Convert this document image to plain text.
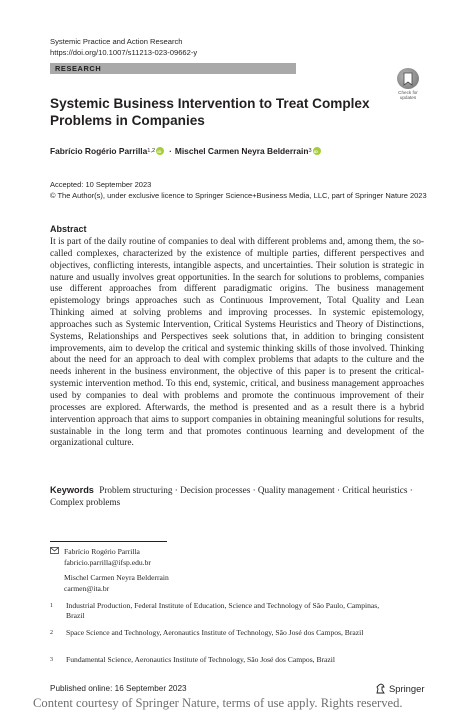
Systemic Practice and Action Research
https://doi.org/10.1007/s11213-023-09662-y
RESEARCH
Check for updates
Systemic Business Intervention to Treat Complex Problems in Companies
Fabrício Rogério Parrilla 1,2
iD · Mischel Carmen Neyra Belderrain 3
iD
Accepted: 10 September 2023
© The Author(s), under exclusive licence to Springer Science+Business Media, LLC, part of Springer Nature 2023
Abstract
It is part of the daily routine of companies to deal with different problems and, among them, the so-called complexes, characterized by the existence of multiple parties, different perspectives and objectives, conflicting interests, intangible aspects, and uncertainties. Their solution is strategic in nature and usually involves great opportunities. In the search for solutions to problems, companies use different approaches from different paradigmatic origins. The business management epistemology brings approaches such as Continuous Improvement, Total Quality and Lean Thinking aimed at solving problems and improving processes. In systemic epistemology, approaches such as Systemic Intervention, Critical Systems Heuristics and Theory of Distinctions, Systems, Relationships and Perspectives seek solutions that, in addition to bringing consistent improvements, aim to develop the critical and systemic thinking skills of those involved. Thinking about the need for an approach to deal with complex problems that adapts to the culture and the needs inherent in the business environment, the objective of this paper is to present the critical-systemic intervention method. To this end, systemic, critical, and business management approaches used by companies to deal with problems and promote the continuous improvement of their processes are explored. Afterwards, the method is presented and as a result there is a hybrid intervention approach that aims to support companies in obtaining meaningful solutions for results, sustainable in the long term and that promotes continuous learning and development of the organizational culture.
Keywords Problem structuring · Decision processes · Quality management · Critical heuristics · Complex problems
Fabrício Rogério Parrilla
fabricio.parrilla@ifsp.edu.br
Mischel Carmen Neyra Belderrain
carmen@ita.br
1	Industrial Production, Federal Institute of Education, Science and Technology of São Paulo, Campinas, Brazil
2	Space Science and Technology, Aeronautics Institute of Technology, São José dos Campos, Brazil
3	Fundamental Science, Aeronautics Institute of Technology, São José dos Campos, Brazil
Published online: 16 September 2023	Springer
Content courtesy of Springer Nature, terms of use apply. Rights reserved.
